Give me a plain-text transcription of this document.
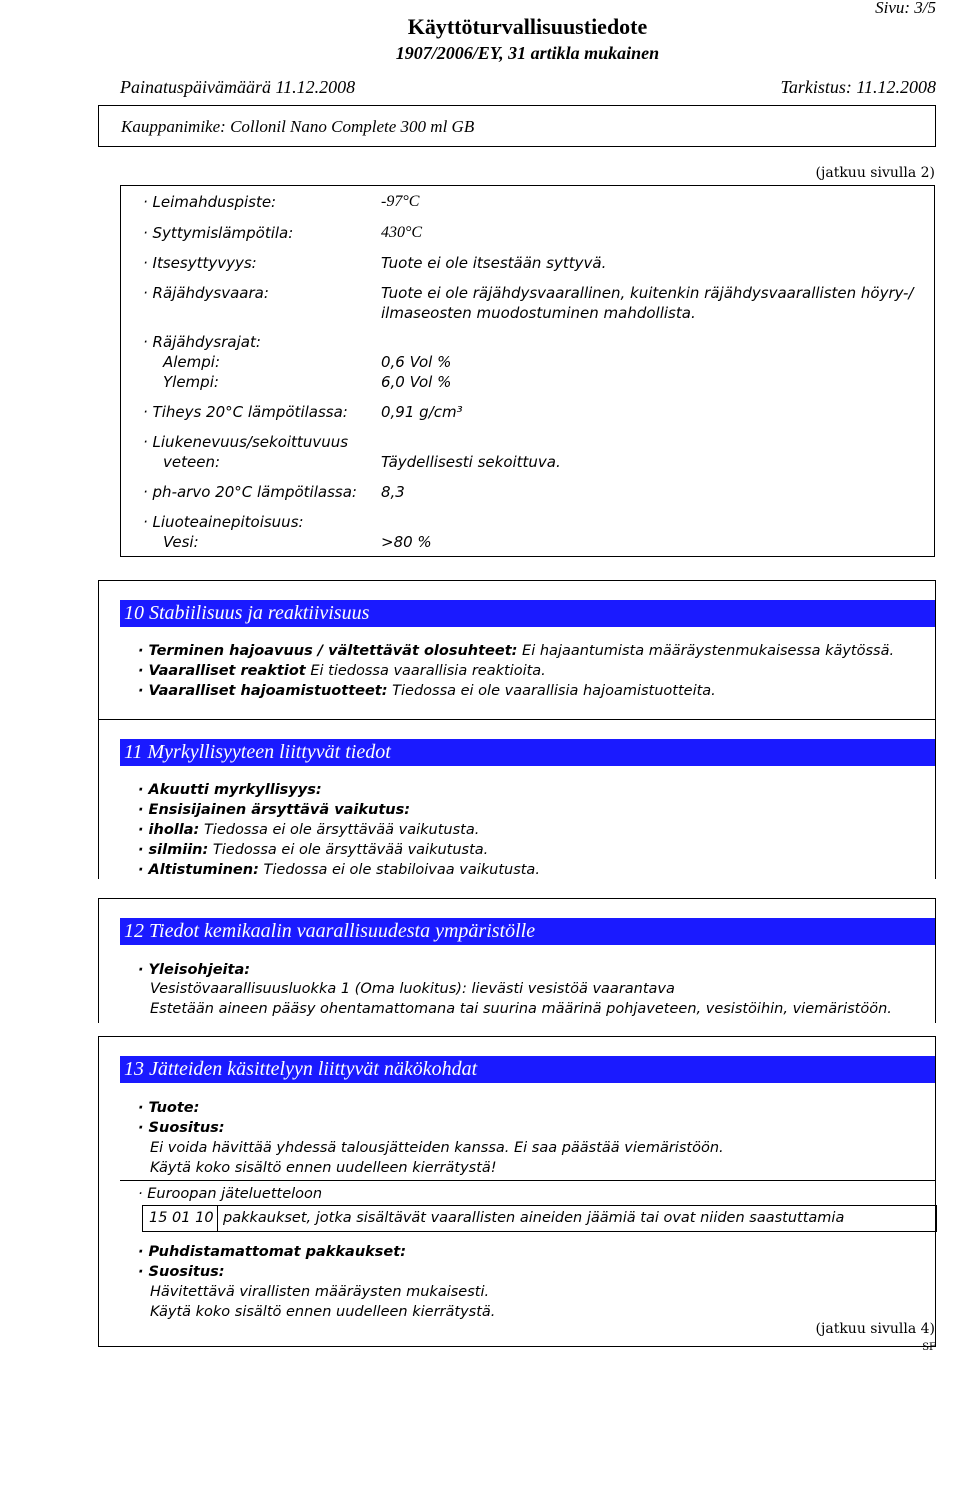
Sivu: 3/5
Käyttöturvallisuustiedote
1907/2006/EY, 31 artikla mukainen
Painatuspäivämäärä 11.12.2008	Tarkistus: 11.12.2008
Kauppanimike: Collonil Nano Complete 300 ml GB
(jatkuu sivulla 2)
· Leimahduspiste:	-97°C
· Syttymislämpötila:	430°C
· Itsesyttyvyys:	Tuote ei ole itsestään syttyvä.
· Räjähdysvaara:	Tuote ei ole räjähdysvaarallinen, kuitenkin räjähdysvaarallisten höyry-/
ilmaseosten muodostuminen mahdollista.
· Räjähdysrajat:
Alempi:	0,6 Vol %
Ylempi:	6,0 Vol %
· Tiheys 20°C lämpötilassa: 0,91 g/cm³
· Liukenevuus/sekoittuvuus
veteen:	Täydellisesti sekoittuva.
· ph-arvo 20°C lämpötilassa: 8,3
· Liuoteainepitoisuus:
Vesi:	>80 %
10 Stabiilisuus ja reaktiivisuus
· Terminen hajoavuus / vältettävät olosuhteet: Ei hajaantumista määräystenmukaisessa käytössä.
· Vaaralliset reaktiot Ei tiedossa vaarallisia reaktioita.
· Vaaralliset hajoamistuotteet: Tiedossa ei ole vaarallisia hajoamistuotteita.
11 Myrkyllisyyteen liittyvät tiedot
· Akuutti myrkyllisyys:
· Ensisijainen ärsyttävä vaikutus:
· iholla: Tiedossa ei ole ärsyttävää vaikutusta.
· silmiin: Tiedossa ei ole ärsyttävää vaikutusta.
· Altistuminen: Tiedossa ei ole stabiloivaa vaikutusta.
12 Tiedot kemikaalin vaarallisuudesta ympäristölle
· Yleisohjeita:
Vesistövaarallisuusluokka 1 (Oma luokitus): lievästi vesistöä vaarantava
Estetään aineen pääsy ohentamattomana tai suurina määrinä pohjaveteen, vesistöihin, viemäristöön.
13 Jätteiden käsittelyyn liittyvät näkökohdat
· Tuote:
· Suositus:
Ei voida hävittää yhdessä talousjätteiden kanssa. Ei saa päästää viemäristöön.
Käytä koko sisältö ennen uudelleen kierrätystä!
· Euroopan jäteluetteloon
15 01 10 pakkaukset, jotka sisältävät vaarallisten aineiden jäämiä tai ovat niiden saastuttamia
· Puhdistamattomat pakkaukset:
· Suositus:
Hävitettävä virallisten määräysten mukaisesti.
Käytä koko sisältö ennen uudelleen kierrätystä.
(jatkuu sivulla 4)
SF
